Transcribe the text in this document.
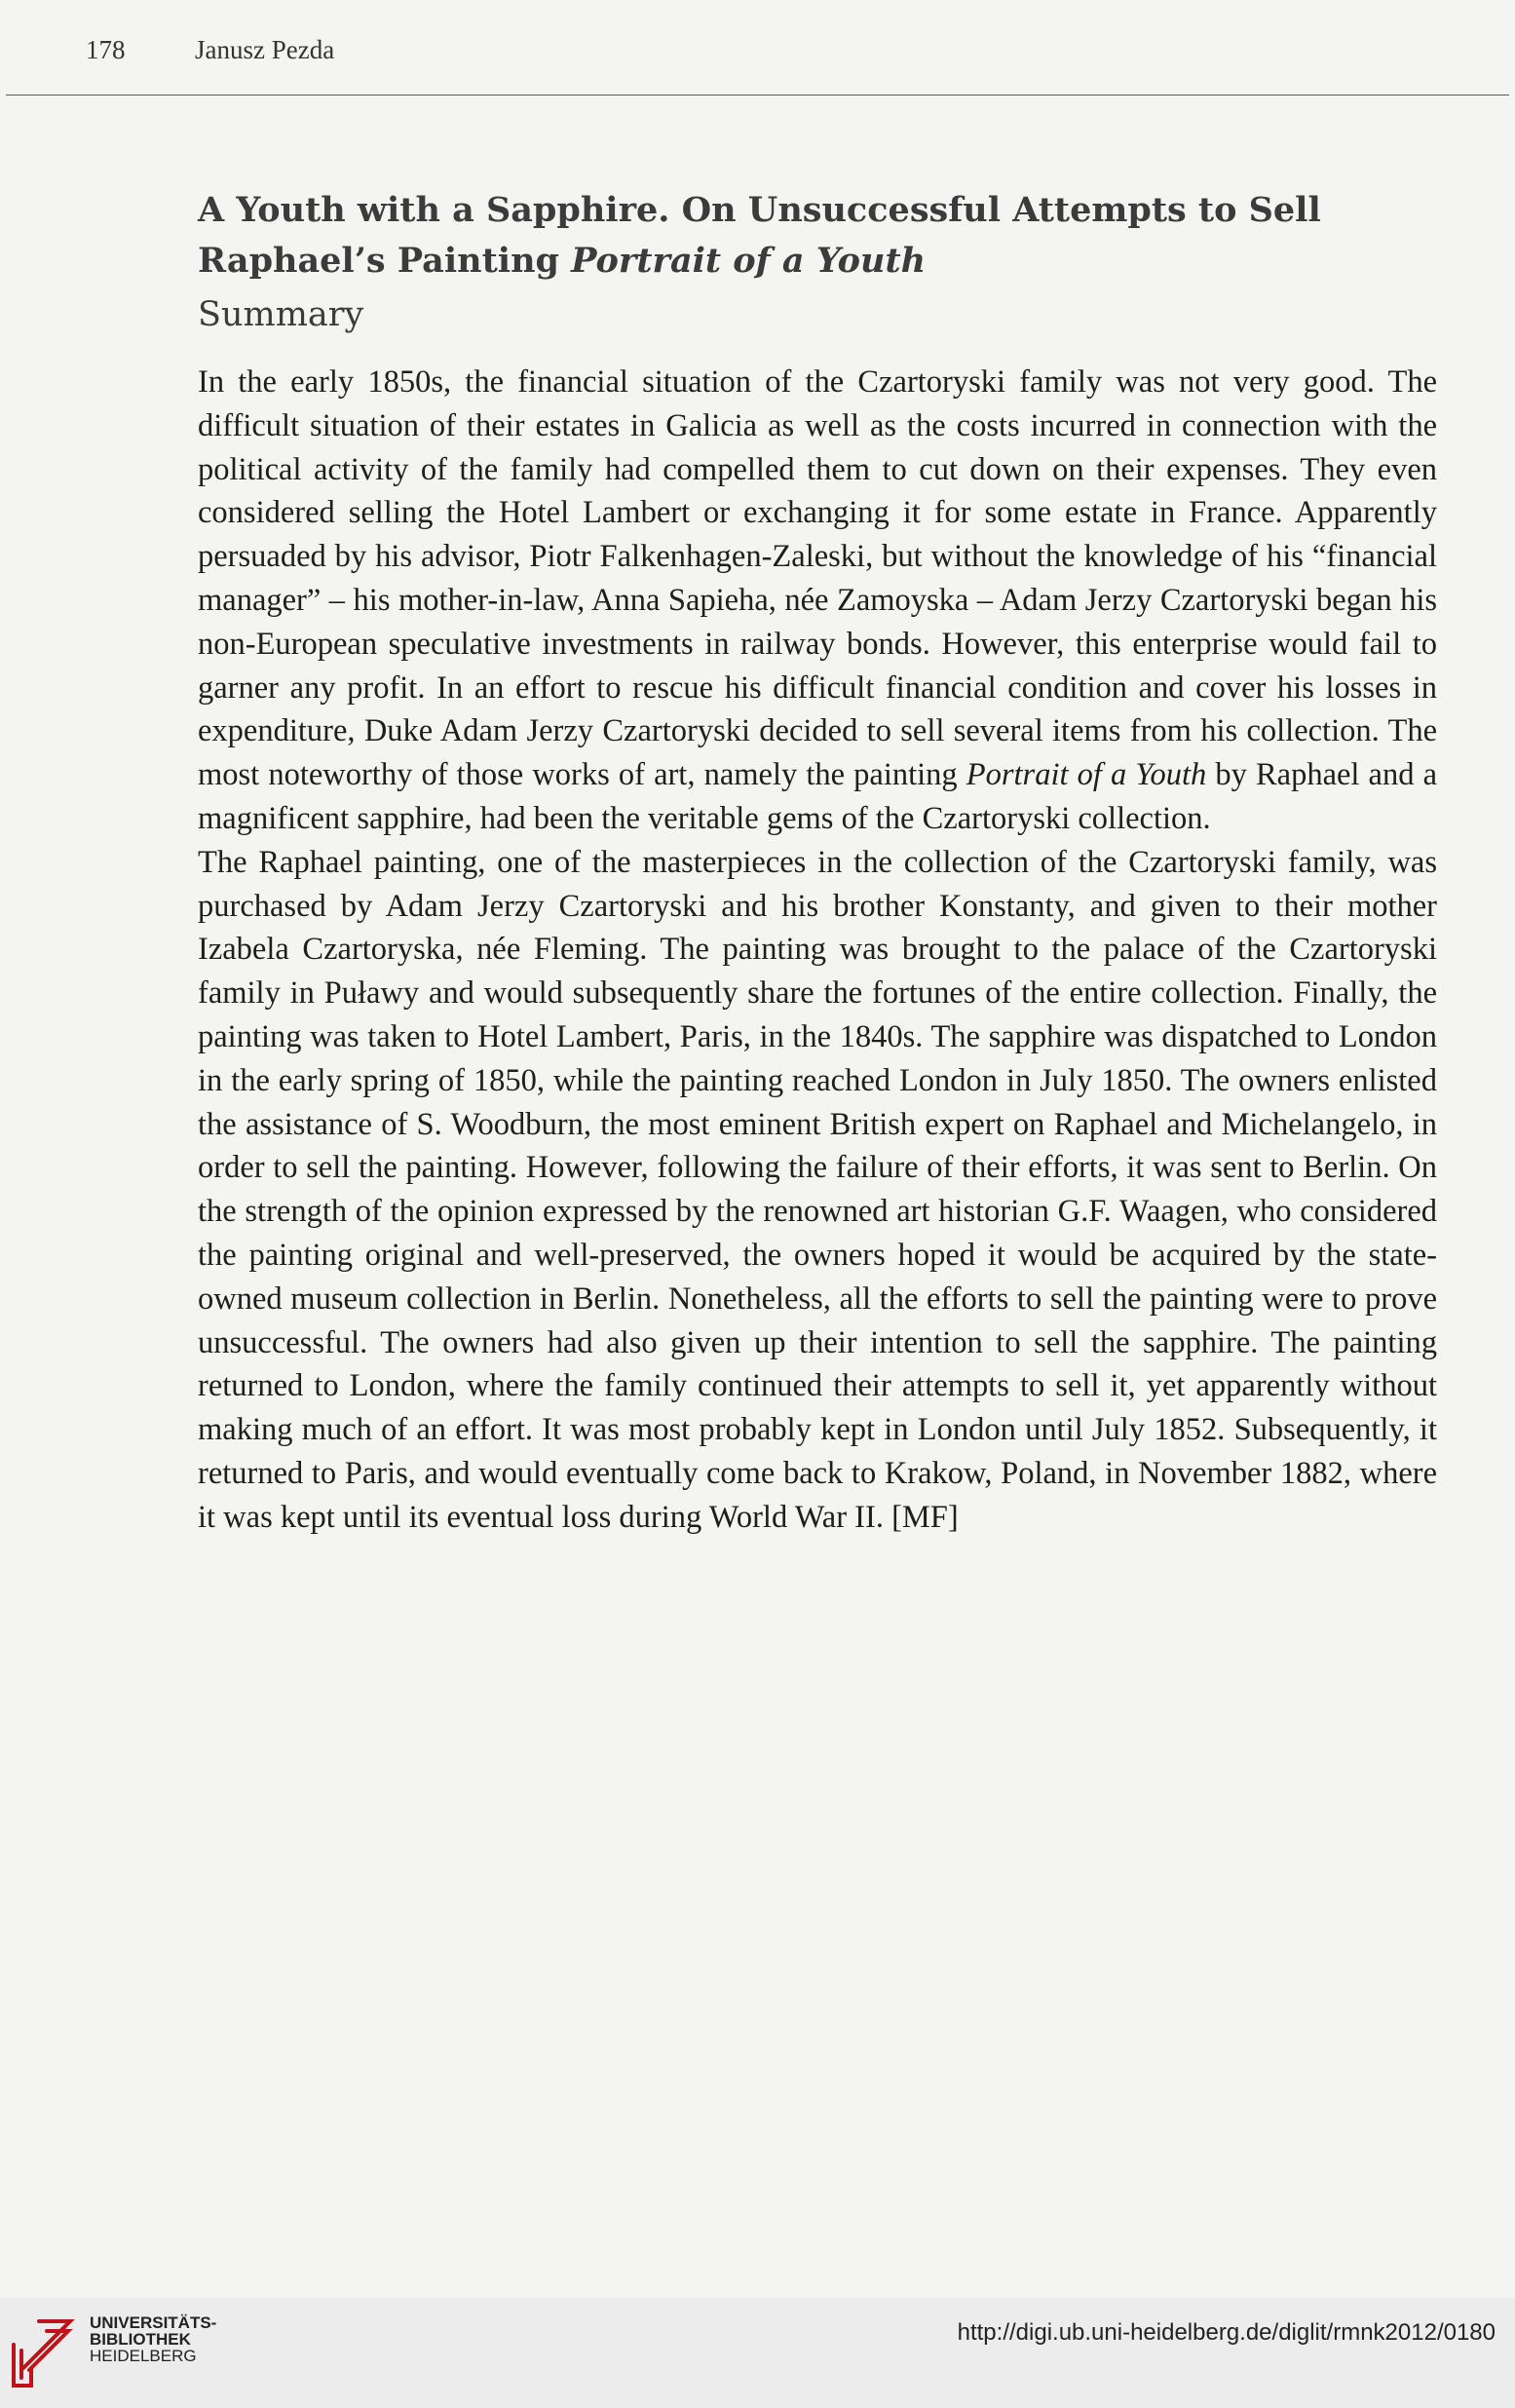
178	Janusz Pezda
A Youth with a Sapphire. On Unsuccessful Attempts to Sell Raphael’s Painting Portrait of a Youth
Summary

In the early 1850s, the financial situation of the Czartoryski family was not very good. The difficult situation of their estates in Galicia as well as the costs incurred in connection with the political activity of the family had compelled them to cut down on their expenses. They even considered selling the Hotel Lambert or exchanging it for some estate in France. Apparently persuaded by his advisor, Piotr Falkenhagen-Zaleski, but without the knowledge of his “financial manager” – his mother-in-law, Anna Sapieha, née Zamoyska – Adam Jerzy Czartoryski began his non-European speculative investments in railway bonds. However, this enterprise would fail to garner any profit. In an effort to rescue his difficult financial condition and cover his losses in expenditure, Duke Adam Jerzy Czartoryski decided to sell several items from his collection. The most noteworthy of those works of art, namely the painting Portrait of a Youth by Raphael and a magnificent sapphire, had been the veritable gems of the Czartoryski collection.

The Raphael painting, one of the masterpieces in the collection of the Czartoryski family, was purchased by Adam Jerzy Czartoryski and his brother Konstanty, and given to their mother Izabela Czartoryska, née Fleming. The painting was brought to the palace of the Czartoryski family in Puławy and would subsequently share the fortunes of the entire collection. Finally, the painting was taken to Hotel Lambert, Paris, in the 1840s. The sapphire was dispatched to London in the early spring of 1850, while the painting reached London in July 1850. The owners enlisted the assistance of S. Woodburn, the most eminent British expert on Raphael and Michelangelo, in order to sell the painting. However, following the failure of their efforts, it was sent to Berlin. On the strength of the opinion expressed by the renowned art historian G.F. Waagen, who considered the painting original and well-preserved, the owners hoped it would be acquired by the state-owned museum collection in Berlin. Nonetheless, all the efforts to sell the painting were to prove unsuccessful. The owners had also given up their intention to sell the sapphire. The painting returned to London, where the family continued their attempts to sell it, yet apparently without making much of an effort. It was most probably kept in London until July 1852. Subsequently, it returned to Paris, and would eventually come back to Krakow, Poland, in November 1882, where it was kept until its eventual loss during World War II. [MF]

UNIVERSITÄTS-
BIBLIOTHEK
HEIDELBERG
http://digi.ub.uni-heidelberg.de/diglit/rmnk2012/0180
